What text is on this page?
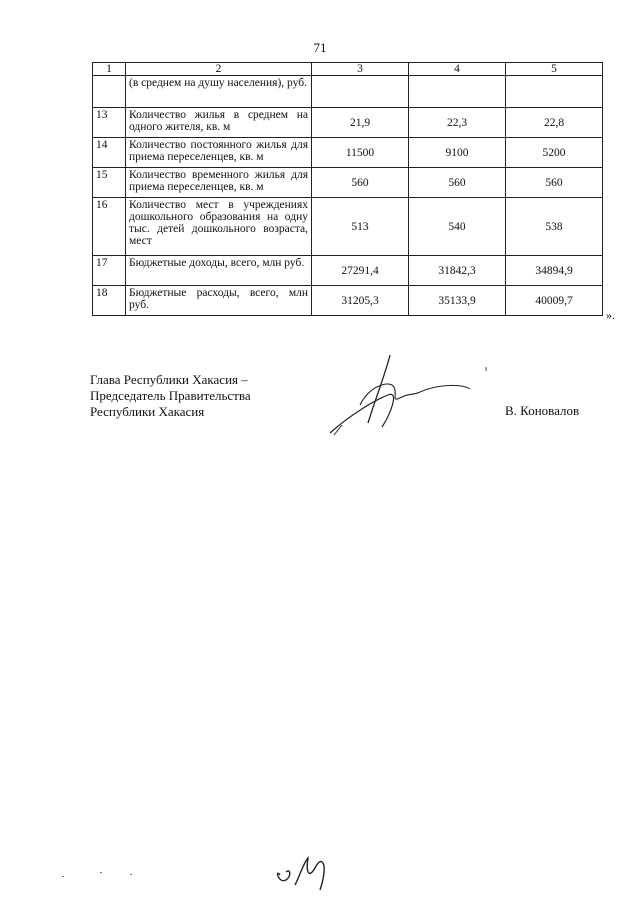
71
1	2	3	4	5
	(в среднем на душу населения), руб.			
13	Количество жилья в среднем на одного жителя, кв. м	21,9	22,3	22,8
14	Количество постоянного жилья для приема переселенцев, кв. м	11500	9100	5200
15	Количество временного жилья для приема переселенцев, кв. м	560	560	560
16	Количество мест в учреждениях дошкольного образования на одну тыс. детей дошкольного возраста, мест	513	540	538
17	Бюджетные доходы, всего, млн руб.	27291,4	31842,3	34894,9
18	Бюджетные расходы, всего, млн руб.	31205,3	35133,9	40009,7
».
Глава Республики Хакасия –
Председатель Правительства
Республики Хакасия	В. Коновалов
